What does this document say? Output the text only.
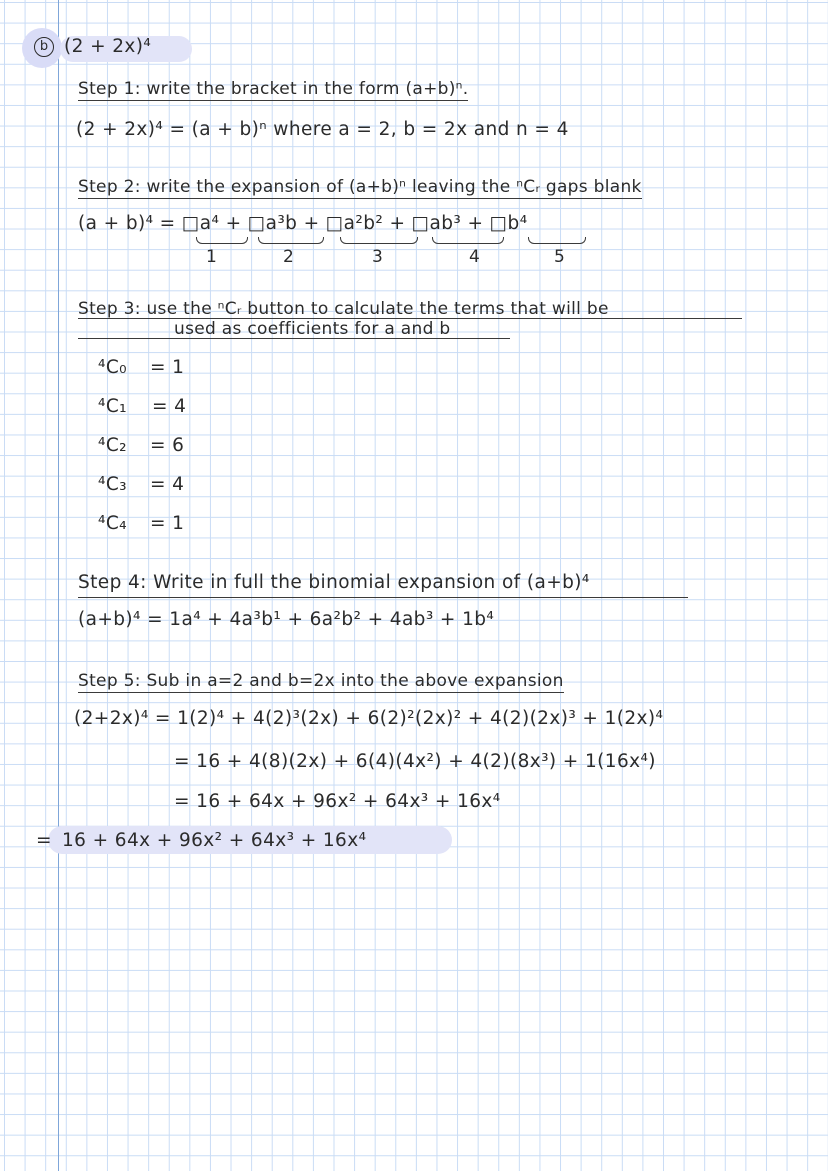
b (2 + 2x)⁴
Step 1: write the bracket in the form (a+b)ⁿ.
(2 + 2x)⁴ = (a + b)ⁿ where a = 2, b = 2x and n = 4
Step 2: write the expansion of (a+b)ⁿ leaving the ⁿCᵣ gaps blank
(a + b)⁴ = □a⁴ + □a³b + □a²b² + □ab³ + □b⁴
1	2	3	4	5
Step 3: use the ⁿCᵣ button to calculate the terms that will be
used as coefficients for a and b
⁴C₀ = 1
⁴C₁ = 4
⁴C₂ = 6
⁴C₃ = 4
⁴C₄ = 1
Step 4: Write in full the binomial expansion of (a+b)⁴
(a+b)⁴ = 1a⁴ + 4a³b¹ + 6a²b² + 4ab³ + 1b⁴
Step 5: Sub in a=2 and b=2x into the above expansion
(2+2x)⁴ = 1(2)⁴ + 4(2)³(2x) + 6(2)²(2x)² + 4(2)(2x)³ + 1(2x)⁴
= 16 + 4(8)(2x) + 6(4)(4x²) + 4(2)(8x³) + 1(16x⁴)
= 16 + 64x + 96x² + 64x³ + 16x⁴
= 16 + 64x + 96x² + 64x³ + 16x⁴
